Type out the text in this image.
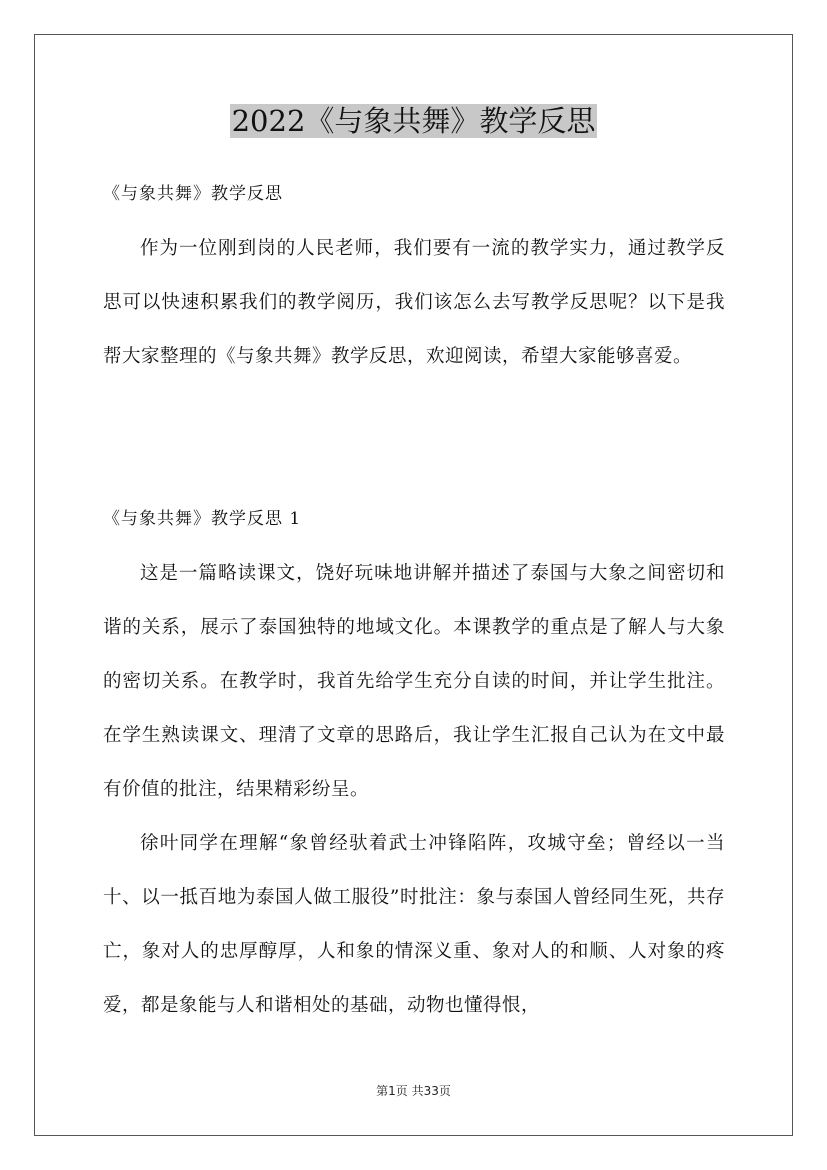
2022《与象共舞》教学反思
《与象共舞》教学反思
作为一位刚到岗的人民老师，我们要有一流的教学实力，通过教学反思可以快速积累我们的教学阅历，我们该怎么去写教学反思呢？以下是我帮大家整理的《与象共舞》教学反思，欢迎阅读，希望大家能够喜爱。
《与象共舞》教学反思 1
这是一篇略读课文，饶好玩味地讲解并描述了泰国与大象之间密切和谐的关系，展示了泰国独特的地域文化。本课教学的重点是了解人与大象的密切关系。在教学时，我首先给学生充分自读的时间，并让学生批注。在学生熟读课文、理清了文章的思路后，我让学生汇报自己认为在文中最有价值的批注，结果精彩纷呈。
徐叶同学在理解“象曾经驮着武士冲锋陷阵，攻城守垒；曾经以一当十、以一抵百地为泰国人做工服役”时批注：象与泰国人曾经同生死，共存亡，象对人的忠厚醇厚，人和象的情深义重、象对人的和顺、人对象的疼爱，都是象能与人和谐相处的基础，动物也懂得恨，
第1页 共33页
